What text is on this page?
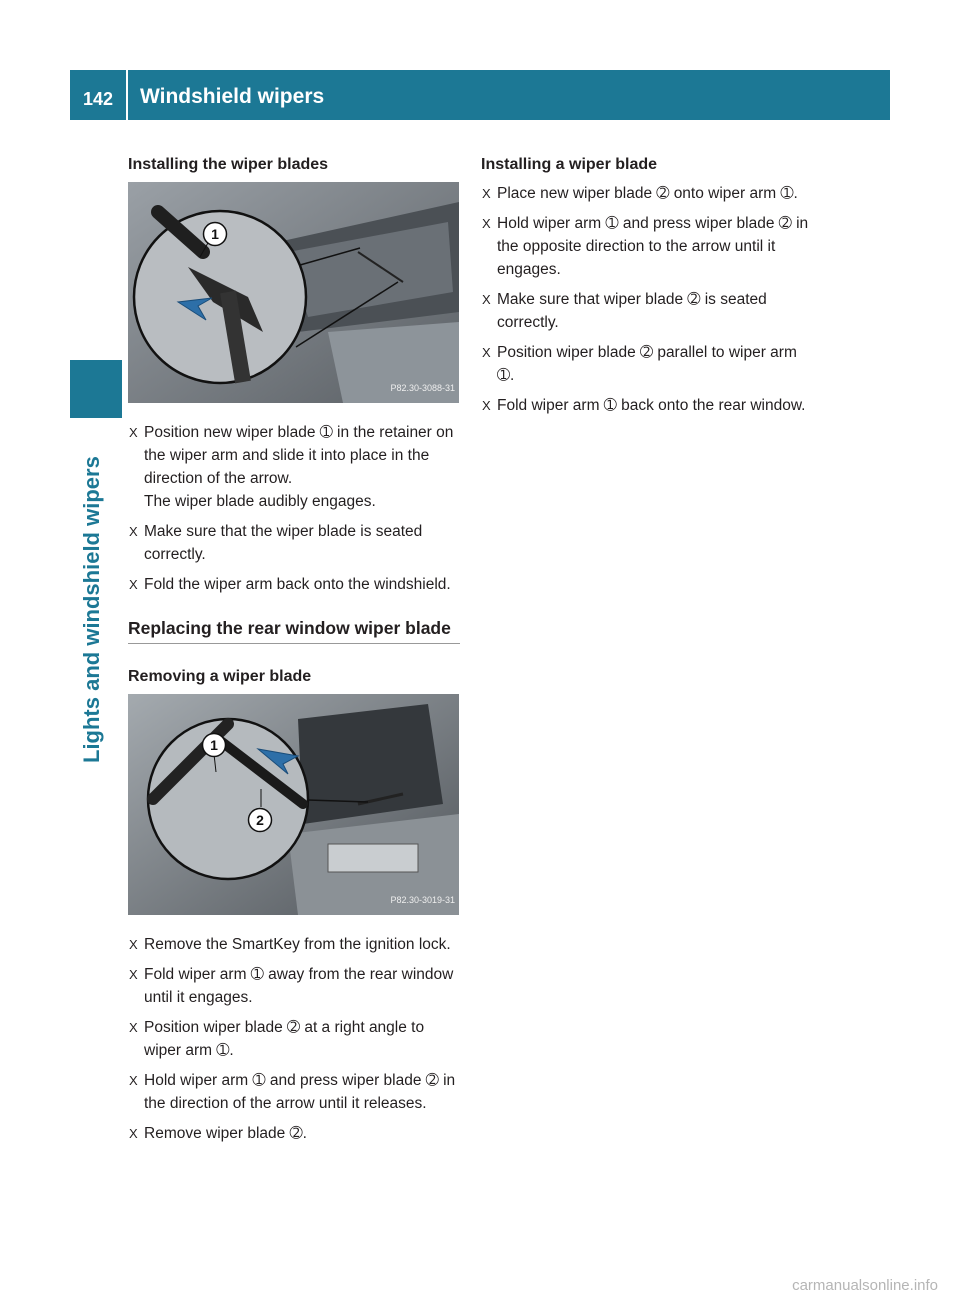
142	Windshield wipers
Lights and windshield wipers
Installing the wiper blades
1
P82.30-3088-31
X Position new wiper blade ➀ in the retainer on the wiper arm and slide it into place in the direction of the arrow.
The wiper blade audibly engages.
X Make sure that the wiper blade is seated correctly.
X Fold the wiper arm back onto the windshield.
Replacing the rear window wiper blade
Removing a wiper blade
1
2
P82.30-3019-31
X Remove the SmartKey from the ignition lock.
X Fold wiper arm ➀ away from the rear window until it engages.
X Position wiper blade ➁ at a right angle to wiper arm ➀.
X Hold wiper arm ➀ and press wiper blade ➁ in the direction of the arrow until it releases.
X Remove wiper blade ➁.
Installing a wiper blade
X Place new wiper blade ➁ onto wiper arm ➀.
X Hold wiper arm ➀ and press wiper blade ➁ in the opposite direction to the arrow until it engages.
X Make sure that wiper blade ➁ is seated correctly.
X Position wiper blade ➁ parallel to wiper arm ➀.
X Fold wiper arm ➀ back onto the rear window.
carmanualsonline.info
